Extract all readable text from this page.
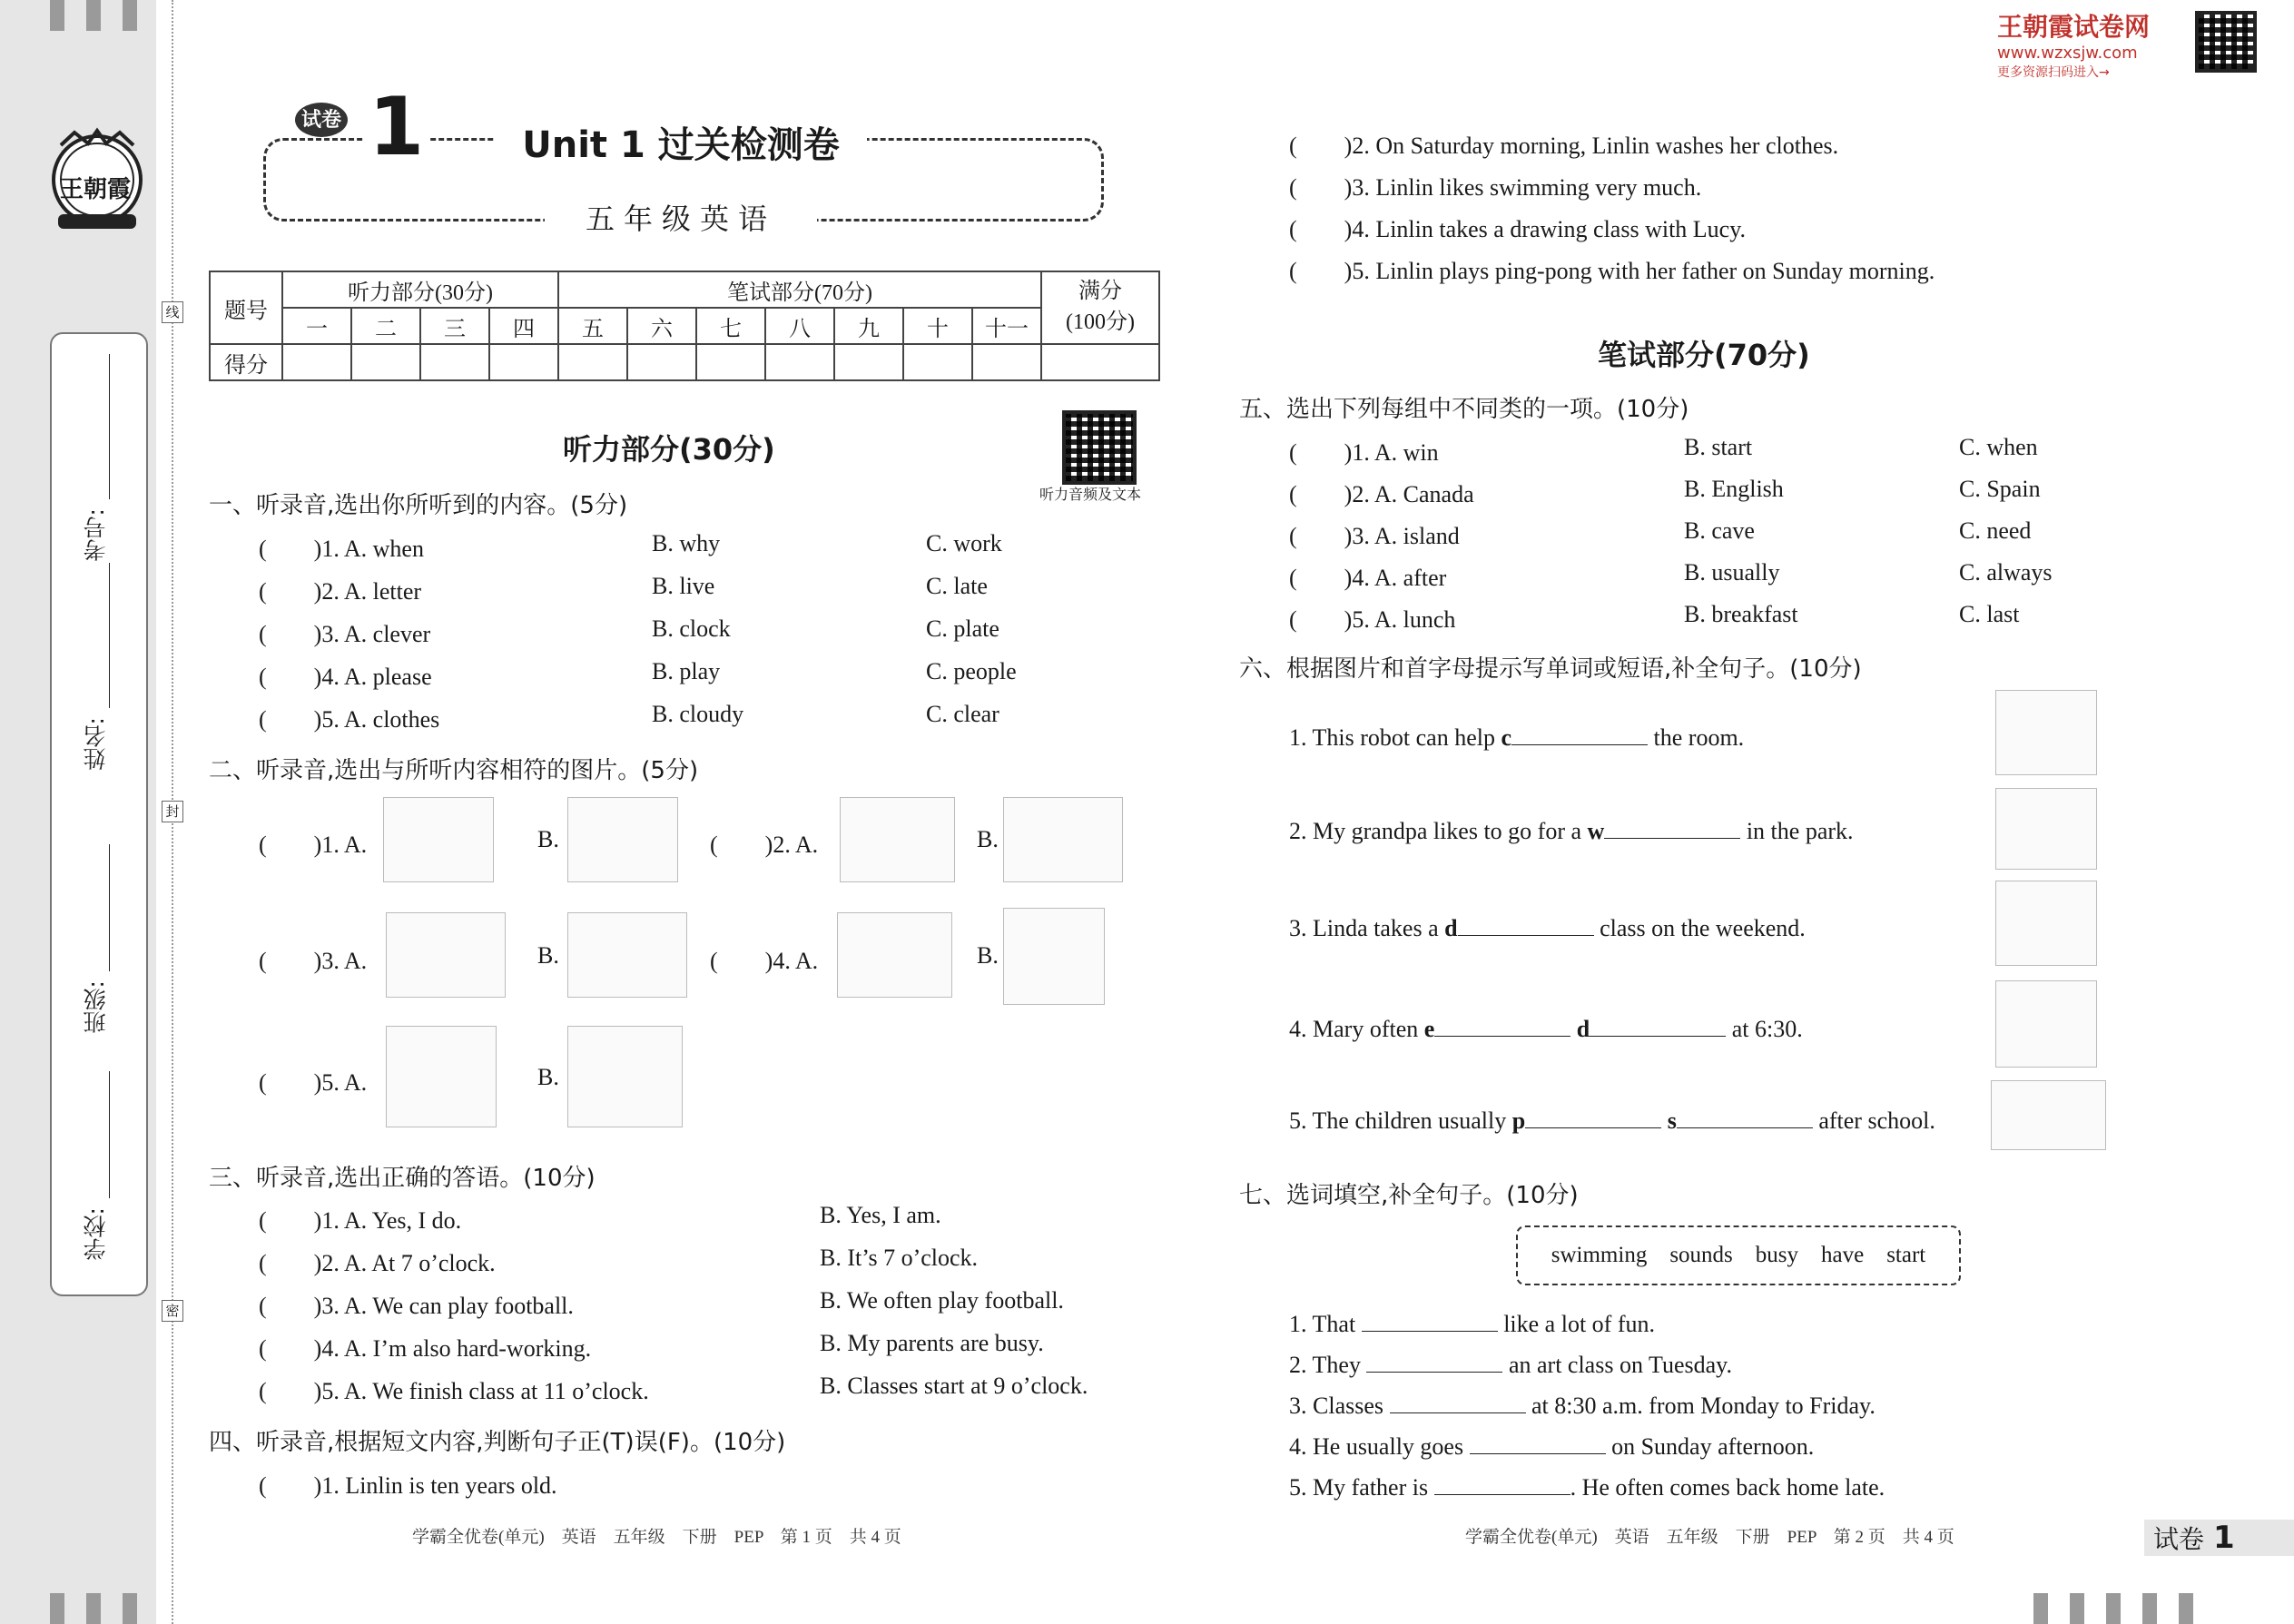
王朝霞
学校:
班级:
姓名:
考号:
线
封
密
王朝霞试卷网
www.wzxsjw.com
更多资源扫码进入→
试卷 1	Unit 1 过关检测卷
五年级英语
题号	听力部分(30分)				笔试部分(70分)							满分
(100分)
	一	二	三	四	五	六	七	八	九	十	十一	
得分												
听力部分(30分)
听力音频及文本
一、听录音,选出你所听到的内容。(5分)
(　　)1. A. when	B. why	C. work
(　　)2. A. letter	B. live	C. late
(　　)3. A. clever	B. clock	C. plate
(　　)4. A. please	B. play	C. people
(　　)5. A. clothes	B. cloudy	C. clear
二、听录音,选出与所听内容相符的图片。(5分)
(　　)1. A.	B.	(　　)2. A.	B.
(　　)3. A.	B.	(　　)4. A.	B.
(　　)5. A.	B.
三、听录音,选出正确的答语。(10分)
(　　)1. A. Yes, I do.	B. Yes, I am.
(　　)2. A. At 7 o’clock.	B. It’s 7 o’clock.
(　　)3. A. We can play football.	B. We often play football.
(　　)4. A. I’m also hard-working.	B. My parents are busy.
(　　)5. A. We finish class at 11 o’clock.	B. Classes start at 9 o’clock.
四、听录音,根据短文内容,判断句子正(T)误(F)。(10分)
(　　)1. Linlin is ten years old.
(　　)2. On Saturday morning, Linlin washes her clothes.
(　　)3. Linlin likes swimming very much.
(　　)4. Linlin takes a drawing class with Lucy.
(　　)5. Linlin plays ping-pong with her father on Sunday morning.
笔试部分(70分)
五、选出下列每组中不同类的一项。(10分)
(　　)1. A. win	B. start	C. when
(　　)2. A. Canada	B. English	C. Spain
(　　)3. A. island	B. cave	C. need
(　　)4. A. after	B. usually	C. always
(　　)5. A. lunch	B. breakfast	C. last
六、根据图片和首字母提示写单词或短语,补全句子。(10分)
1. This robot can help c	the room.
2. My grandpa likes to go for a w	in the park.
3. Linda takes a d	class on the weekend.
4. Mary often e	d	at 6:30.
5. The children usually p	s	after school.
七、选词填空,补全句子。(10分)
swimming　sounds　busy　have　start
1. That	like a lot of fun.
2. They	an art class on Tuesday.
3. Classes	at 8:30 a.m. from Monday to Friday.
4. He usually goes	on Sunday afternoon.
5. My father is	. He often comes back home late.
学霸全优卷(单元)　英语　五年级　下册　PEP　第 1 页　共 4 页	学霸全优卷(单元)　英语　五年级　下册　PEP　第 2 页　共 4 页	试卷 1
